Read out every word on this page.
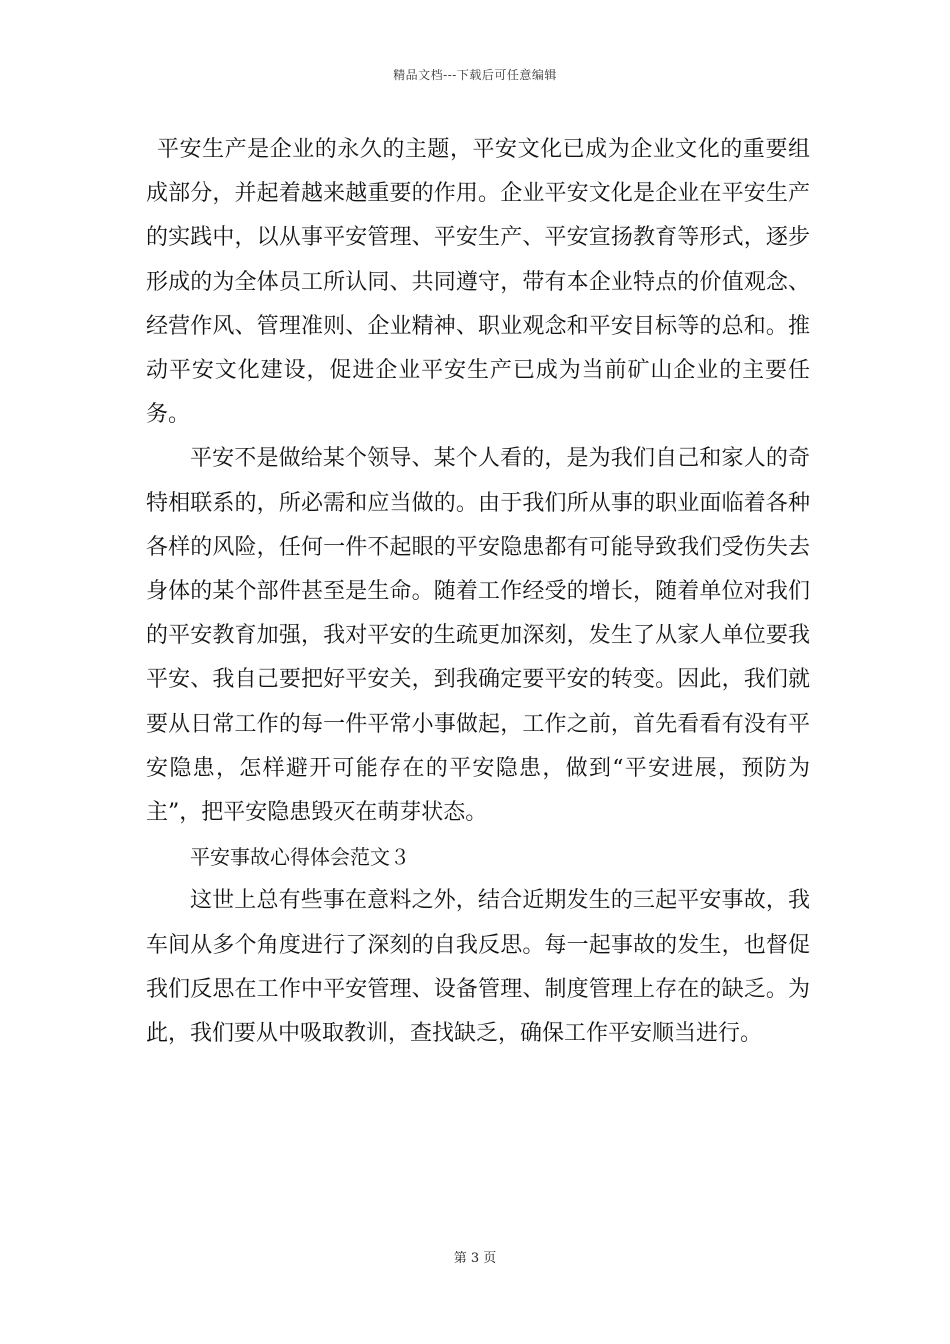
精品文档---下载后可任意编辑

平安生产是企业的永久的主题，平安文化已成为企业文化的重要组成部分，并起着越来越重要的作用。企业平安文化是企业在平安生产的实践中，以从事平安管理、平安生产、平安宣扬教育等形式，逐步形成的为全体员工所认同、共同遵守，带有本企业特点的价值观念、经营作风、管理准则、企业精神、职业观念和平安目标等的总和。推动平安文化建设，促进企业平安生产已成为当前矿山企业的主要任务。

平安不是做给某个领导、某个人看的，是为我们自己和家人的奇特相联系的，所必需和应当做的。由于我们所从事的职业面临着各种各样的风险，任何一件不起眼的平安隐患都有可能导致我们受伤失去身体的某个部件甚至是生命。随着工作经受的增长，随着单位对我们的平安教育加强，我对平安的生疏更加深刻，发生了从家人单位要我平安、我自己要把好平安关，到我确定要平安的转变。因此，我们就要从日常工作的每一件平常小事做起，工作之前，首先看看有没有平安隐患，怎样避开可能存在的平安隐患，做到“平安进展，预防为主”，把平安隐患毁灭在萌芽状态。

平安事故心得体会范文３

这世上总有些事在意料之外，结合近期发生的三起平安事故，我车间从多个角度进行了深刻的自我反思。每一起事故的发生，也督促我们反思在工作中平安管理、设备管理、制度管理上存在的缺乏。为此，我们要从中吸取教训，查找缺乏，确保工作平安顺当进行。

第 3 页
